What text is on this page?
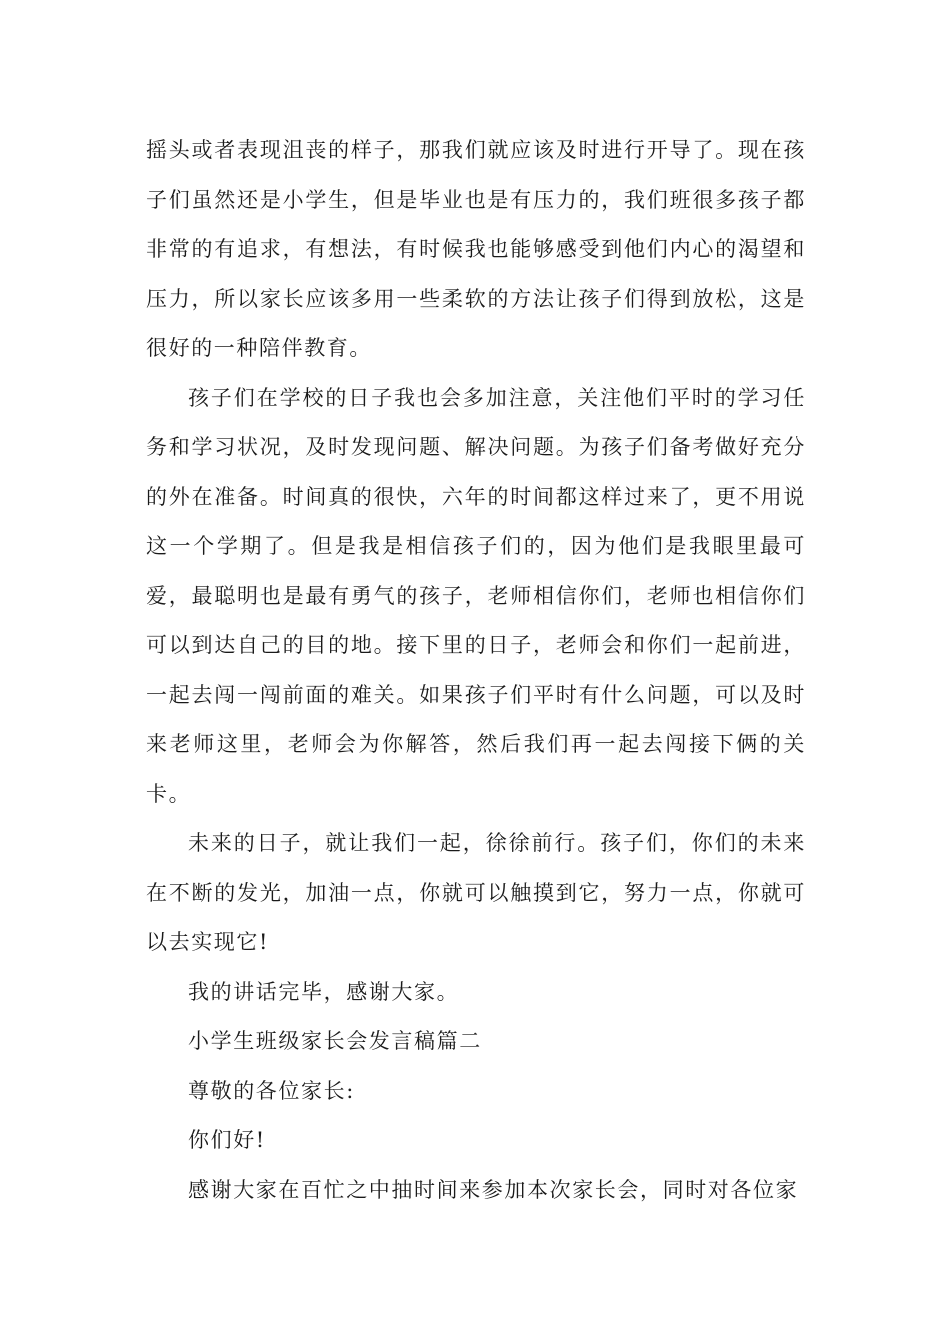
摇头或者表现沮丧的样子，那我们就应该及时进行开导了。现在孩子们虽然还是小学生，但是毕业也是有压力的，我们班很多孩子都非常的有追求，有想法，有时候我也能够感受到他们内心的渴望和压力，所以家长应该多用一些柔软的方法让孩子们得到放松，这是很好的一种陪伴教育。

孩子们在学校的日子我也会多加注意，关注他们平时的学习任务和学习状况，及时发现问题、解决问题。为孩子们备考做好充分的外在准备。时间真的很快，六年的时间都这样过来了，更不用说这一个学期了。但是我是相信孩子们的，因为他们是我眼里最可爱，最聪明也是最有勇气的孩子，老师相信你们，老师也相信你们可以到达自己的目的地。接下里的日子，老师会和你们一起前进，一起去闯一闯前面的难关。如果孩子们平时有什么问题，可以及时来老师这里，老师会为你解答，然后我们再一起去闯接下俩的关卡。

未来的日子，就让我们一起，徐徐前行。孩子们，你们的未来在不断的发光，加油一点，你就可以触摸到它，努力一点，你就可以去实现它!

我的讲话完毕，感谢大家。

小学生班级家长会发言稿篇二

尊敬的各位家长:

你们好!

感谢大家在百忙之中抽时间来参加本次家长会，同时对各位家
